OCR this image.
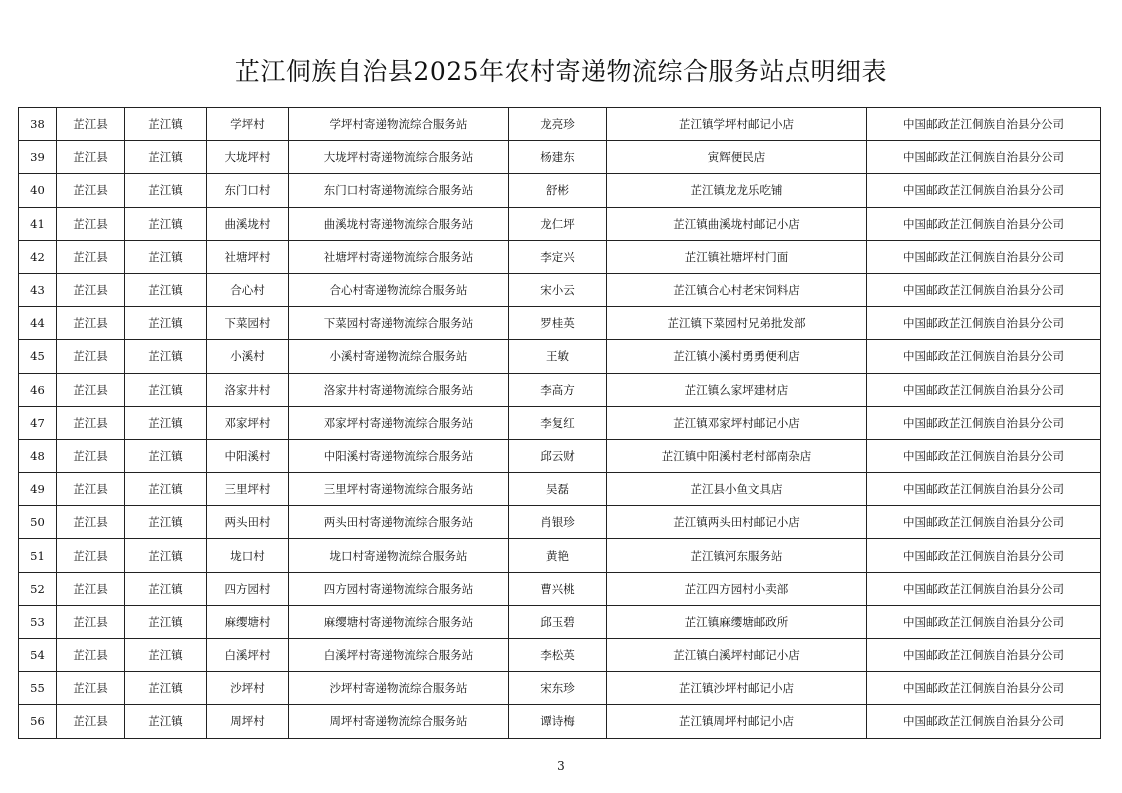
芷江侗族自治县2025年农村寄递物流综合服务站点明细表
38	芷江县	芷江镇	学坪村	学坪村寄递物流综合服务站	龙亮珍	芷江镇学坪村邮记小店	中国邮政芷江侗族自治县分公司
39	芷江县	芷江镇	大垅坪村	大垅坪村寄递物流综合服务站	杨建东	寅辉便民店	中国邮政芷江侗族自治县分公司
40	芷江县	芷江镇	东门口村	东门口村寄递物流综合服务站	舒彬	芷江镇龙龙乐吃铺	中国邮政芷江侗族自治县分公司
41	芷江县	芷江镇	曲溪垅村	曲溪垅村寄递物流综合服务站	龙仁坪	芷江镇曲溪垅村邮记小店	中国邮政芷江侗族自治县分公司
42	芷江县	芷江镇	社塘坪村	社塘坪村寄递物流综合服务站	李定兴	芷江镇社塘坪村门面	中国邮政芷江侗族自治县分公司
43	芷江县	芷江镇	合心村	合心村寄递物流综合服务站	宋小云	芷江镇合心村老宋饲料店	中国邮政芷江侗族自治县分公司
44	芷江县	芷江镇	下菜园村	下菜园村寄递物流综合服务站	罗桂英	芷江镇下菜园村兄弟批发部	中国邮政芷江侗族自治县分公司
45	芷江县	芷江镇	小溪村	小溪村寄递物流综合服务站	王敏	芷江镇小溪村勇勇便利店	中国邮政芷江侗族自治县分公司
46	芷江县	芷江镇	洛家井村	洛家井村寄递物流综合服务站	李高方	芷江镇么家坪建材店	中国邮政芷江侗族自治县分公司
47	芷江县	芷江镇	邓家坪村	邓家坪村寄递物流综合服务站	李复红	芷江镇邓家坪村邮记小店	中国邮政芷江侗族自治县分公司
48	芷江县	芷江镇	中阳溪村	中阳溪村寄递物流综合服务站	邱云财	芷江镇中阳溪村老村部南杂店	中国邮政芷江侗族自治县分公司
49	芷江县	芷江镇	三里坪村	三里坪村寄递物流综合服务站	吴磊	芷江县小鱼文具店	中国邮政芷江侗族自治县分公司
50	芷江县	芷江镇	两头田村	两头田村寄递物流综合服务站	肖银珍	芷江镇两头田村邮记小店	中国邮政芷江侗族自治县分公司
51	芷江县	芷江镇	垅口村	垅口村寄递物流综合服务站	黄艳	芷江镇河东服务站	中国邮政芷江侗族自治县分公司
52	芷江县	芷江镇	四方园村	四方园村寄递物流综合服务站	曹兴桃	芷江四方园村小卖部	中国邮政芷江侗族自治县分公司
53	芷江县	芷江镇	麻缨塘村	麻缨塘村寄递物流综合服务站	邱玉碧	芷江镇麻缨塘邮政所	中国邮政芷江侗族自治县分公司
54	芷江县	芷江镇	白溪坪村	白溪坪村寄递物流综合服务站	李松英	芷江镇白溪坪村邮记小店	中国邮政芷江侗族自治县分公司
55	芷江县	芷江镇	沙坪村	沙坪村寄递物流综合服务站	宋东珍	芷江镇沙坪村邮记小店	中国邮政芷江侗族自治县分公司
56	芷江县	芷江镇	周坪村	周坪村寄递物流综合服务站	谭诗梅	芷江镇周坪村邮记小店	中国邮政芷江侗族自治县分公司
3
